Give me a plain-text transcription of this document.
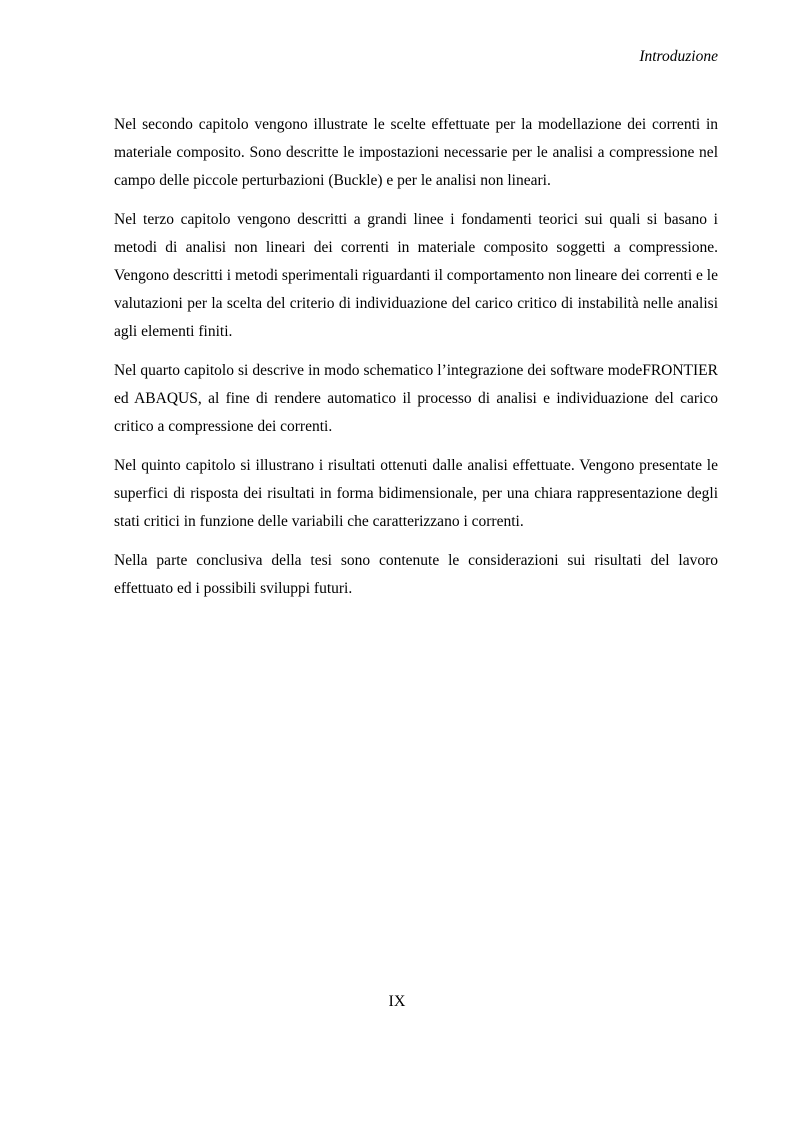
Introduzione

Nel secondo capitolo vengono illustrate le scelte effettuate per la modellazione dei correnti in materiale composito. Sono descritte le impostazioni necessarie per le analisi a compressione nel campo delle piccole perturbazioni (Buckle) e per le analisi non lineari.

Nel terzo capitolo vengono descritti a grandi linee i fondamenti teorici sui quali si basano i metodi di analisi non lineari dei correnti in materiale composito soggetti a compressione. Vengono descritti i metodi sperimentali riguardanti il comportamento non lineare dei correnti e le valutazioni per la scelta del criterio di individuazione del carico critico di instabilità nelle analisi agli elementi finiti.

Nel quarto capitolo si descrive in modo schematico l’integrazione dei software modeFRONTIER ed ABAQUS, al fine di rendere automatico il processo di analisi e individuazione del carico critico a compressione dei correnti.

Nel quinto capitolo si illustrano i risultati ottenuti dalle analisi effettuate. Vengono presentate le superfici di risposta dei risultati in forma bidimensionale, per una chiara rappresentazione degli stati critici in funzione delle variabili che caratterizzano i correnti.

Nella parte conclusiva della tesi sono contenute le considerazioni sui risultati del lavoro effettuato ed i possibili sviluppi futuri.

IX
